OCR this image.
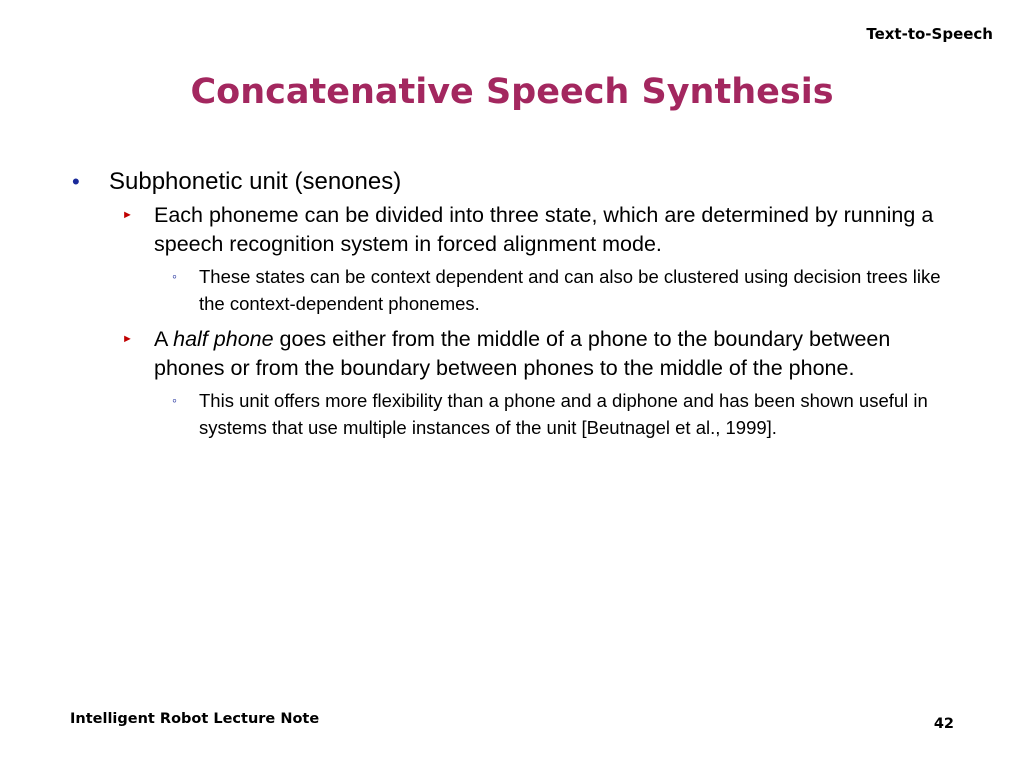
Text-to-Speech
Concatenative Speech Synthesis
• Subphonetic unit (senones)
► Each phoneme can be divided into three state, which are determined by running a speech recognition system in forced alignment mode.
◦ These states can be context dependent and can also be clustered using decision trees like the context-dependent phonemes.
► A half phone goes either from the middle of a phone to the boundary between phones or from the boundary between phones to the middle of the phone.
◦ This unit offers more flexibility than a phone and a diphone and has been shown useful in systems that use multiple instances of the unit [Beutnagel et al., 1999].
Intelligent Robot Lecture Note	42
